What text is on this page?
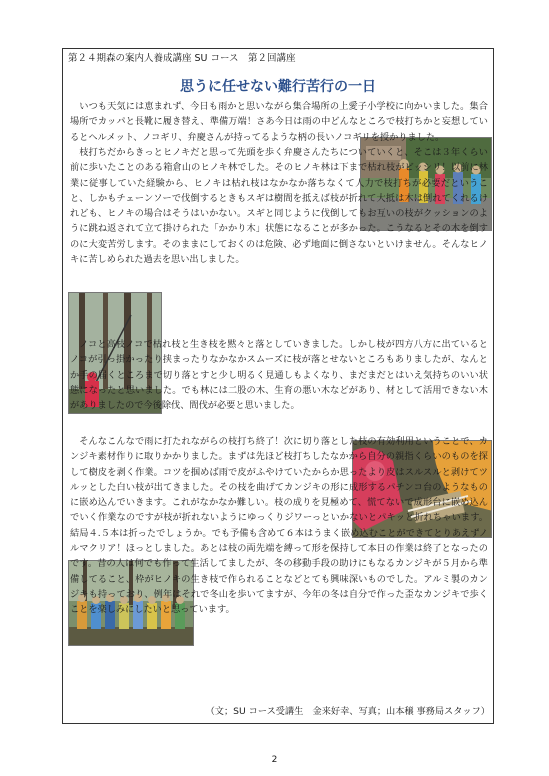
第２４期森の案内人養成講座 SU コース　第２回講座
思うに任せない難行苦行の一日
いつも天気には恵まれず、今日も雨かと思いながら集合場所の上愛子小学校に向かいました。集合場所でカッパと長靴に履き替え、準備万端！さあ今日は雨の中どんなところで枝打ちかと妄想しているとヘルメット、ノコギリ、弁慶さんが持ってるような柄の長いノコギリを授かりました。
枝打ちだからきっとヒノキだと思って先頭を歩く弁慶さんたちについていくと、そこは３年くらい前に歩いたことのある箱倉山のヒノキ林でした。そのヒノキ林は下まで枯れ枝がビッシリ！以前に林業に従事していた経験から、ヒノキは枯れ枝はなかなか落ちなくて人力で枝打ちが必要だということ、しかもチェーンソーで伐倒するときもスギは樹間を抵えば枝が折れて大抵は木は倒れてくれるけれども、ヒノキの場合はそうはいかない。スギと同じように伐倒してもお互いの枝がクッションのように跳ね返されて立て掛けられた「かかり木」状態になることが多かった。こうなるとその木を倒すのに大変苦労します。そのままにしておくのは危険、必ず地面に倒さないといけません。そんなヒノキに苦しめられた過去を思い出しました。
ノコと高枝ノコで枯れ枝と生き枝を黙々と落としていきました。しかし枝が四方八方に出ているとノコが引っ掛かったり挟まったりなかなかスムーズに枝が落とせないところもありましたが、なんとか手の届くところまで切り落とすと少し明るく見通しもよくなり、まだまだとはいえ気持ちのいい状態になったと思いました。でも林には二股の木、生育の悪い木などがあり、材として活用できない木がありましたので今後除伐、間伐が必要と思いました。
そんなこんなで雨に打たれながらの枝打ち終了！次に切り落とした枝の有効利用ということで、カンジキ素材作りに取りかかりました。まずは先ほど枝打ちしたなかから自分の親指くらいのものを探して樹皮を剥く作業。コツを掴めば雨で皮がふやけていたからか思ったより皮はスルスルと剥けてツルッとした白い枝が出てきました。その枝を曲げてカンジキの形に成形するパチンコ台のようなものに嵌め込んでいきます。これがなかなか難しい。枝の成りを見極めて、慌てないで成形台に嵌め込んでいく作業なのですが枝が折れないようにゆっくりジワーっといかないとパキッと折れちゃいます。結局４.５本は折ったでしょうか。でも予備も含めて６本はうまく嵌め込むことができてとりあえずノルマクリア！ほっとしました。あとは枝の両先端を縛って形を保持して本日の作業は終了となったのです。昔の人は何でも作って生活してましたが、冬の移動手段の助けにもなるカンジキが５月から準備してること、枠がヒノキの生き枝で作られることなどとても興味深いものでした。アルミ製のカンジキも持っており、例年はそれで冬山を歩いてますが、今年の冬は自分で作った歪なカンジキで歩くことを楽しみにしたいと思っています。
（文；SU コース受講生　金来好幸、写真；山本穣 事務局スタッフ）
2
